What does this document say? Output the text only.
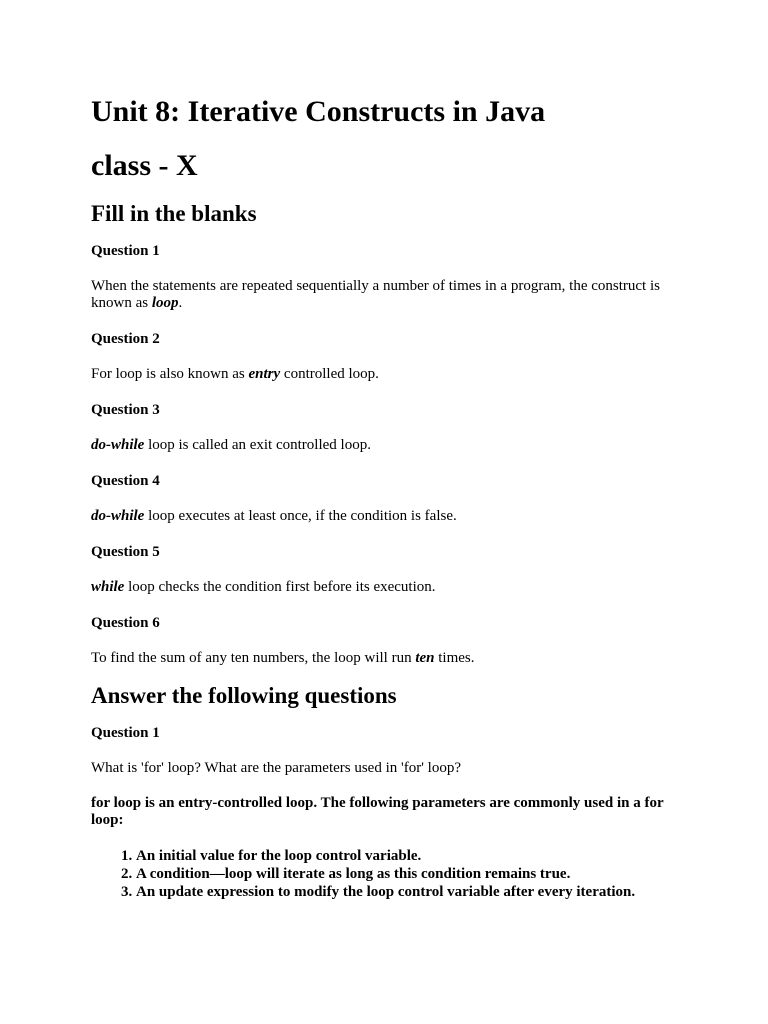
Unit 8: Iterative Constructs in Java
class - X
Fill in the blanks

Question 1

When the statements are repeated sequentially a number of times in a program, the construct is known as loop.

Question 2

For loop is also known as entry controlled loop.

Question 3

do-while loop is called an exit controlled loop.

Question 4

do-while loop executes at least once, if the condition is false.

Question 5

while loop checks the condition first before its execution.

Question 6

To find the sum of any ten numbers, the loop will run ten times.

Answer the following questions

Question 1

What is 'for' loop? What are the parameters used in 'for' loop?

for loop is an entry-controlled loop. The following parameters are commonly used in a for loop:

1. An initial value for the loop control variable.
2. A condition—loop will iterate as long as this condition remains true.
3. An update expression to modify the loop control variable after every iteration.
